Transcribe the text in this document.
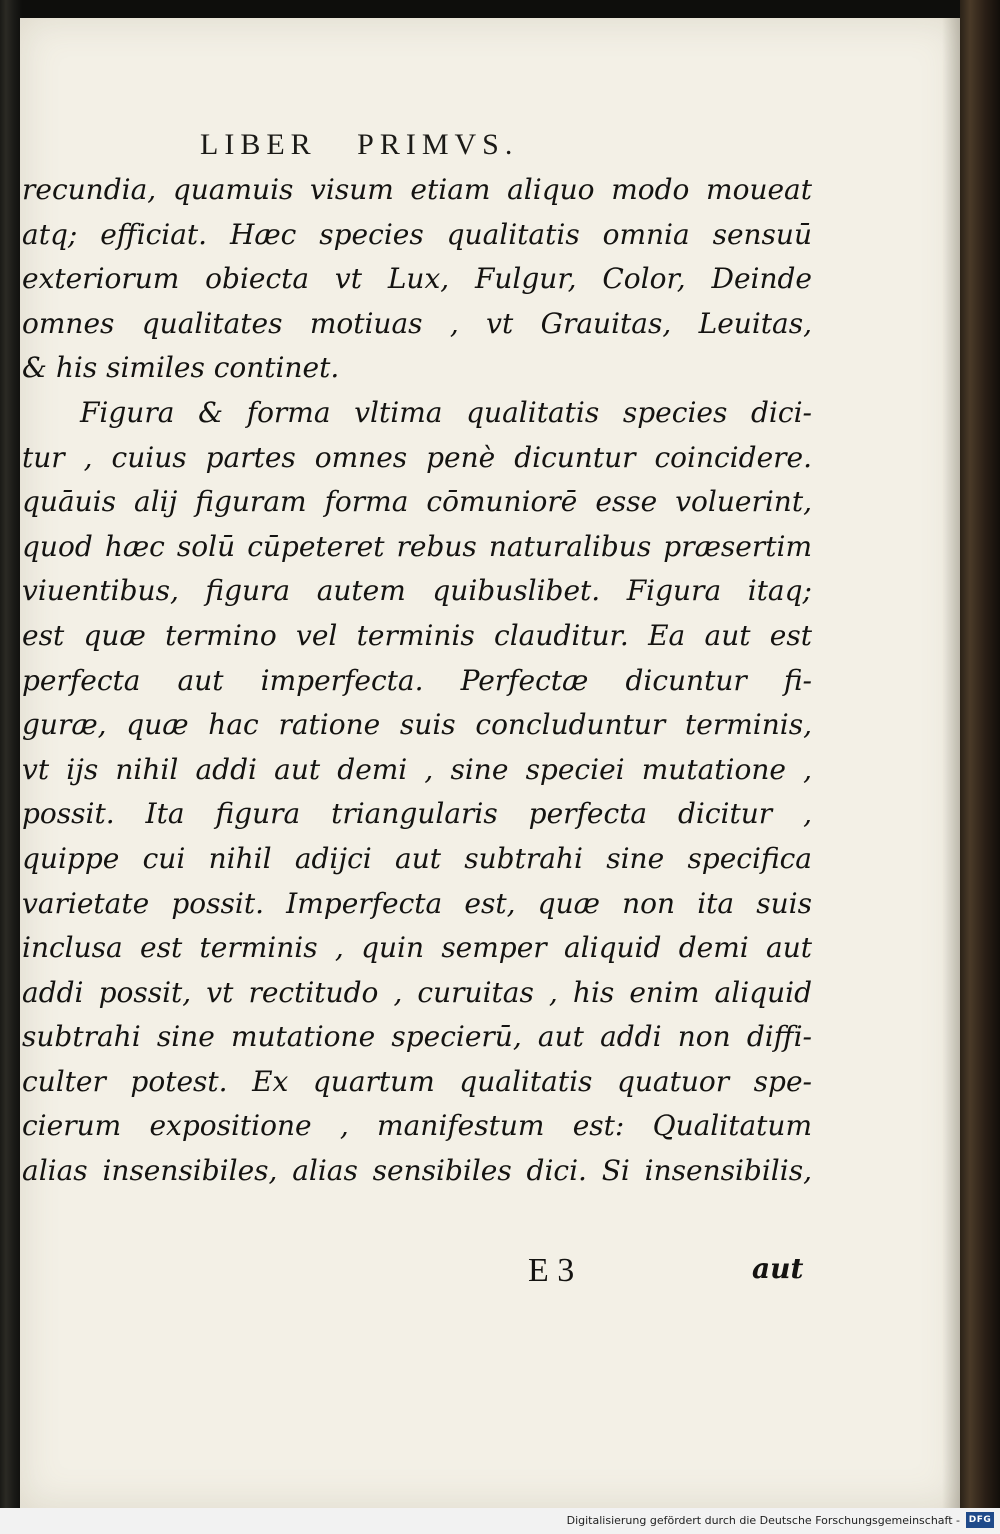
LIBER   PRIMVS.
recundia, quamuis visum etiam aliquo modo moueat
atq; efficiat. Hæc species qualitatis omnia sensuū
exteriorum obiecta vt Lux, Fulgur, Color, Deinde
omnes qualitates motiuas , vt Grauitas, Leuitas,
& his similes continet.
Figura & forma vltima qualitatis species dici-
tur , cuius partes omnes penè dicuntur coincidere.
quāuis alij figuram forma cōmuniorē esse voluerint,
quod hæc solū cūpeteret rebus naturalibus præsertim
viuentibus, figura autem quibuslibet. Figura itaq;
est quæ termino vel terminis clauditur. Ea aut est
perfecta aut imperfecta. Perfectæ dicuntur fi-
guræ, quæ hac ratione suis concluduntur terminis,
vt ijs nihil addi aut demi , sine speciei mutatione ,
possit. Ita figura triangularis perfecta dicitur ,
quippe cui nihil adijci aut subtrahi sine specifica
varietate possit. Imperfecta est, quæ non ita suis
inclusa est terminis , quin semper aliquid demi aut
addi possit, vt rectitudo , curuitas , his enim aliquid
subtrahi sine mutatione specierū, aut addi non diffi-
culter potest. Ex quartum qualitatis quatuor spe-
cierum expositione , manifestum est: Qualitatum
alias insensibiles, alias sensibiles dici. Si insensibilis,
E 3	aut
Digitalisierung gefördert durch die Deutsche Forschungsgemeinschaft - DFG
